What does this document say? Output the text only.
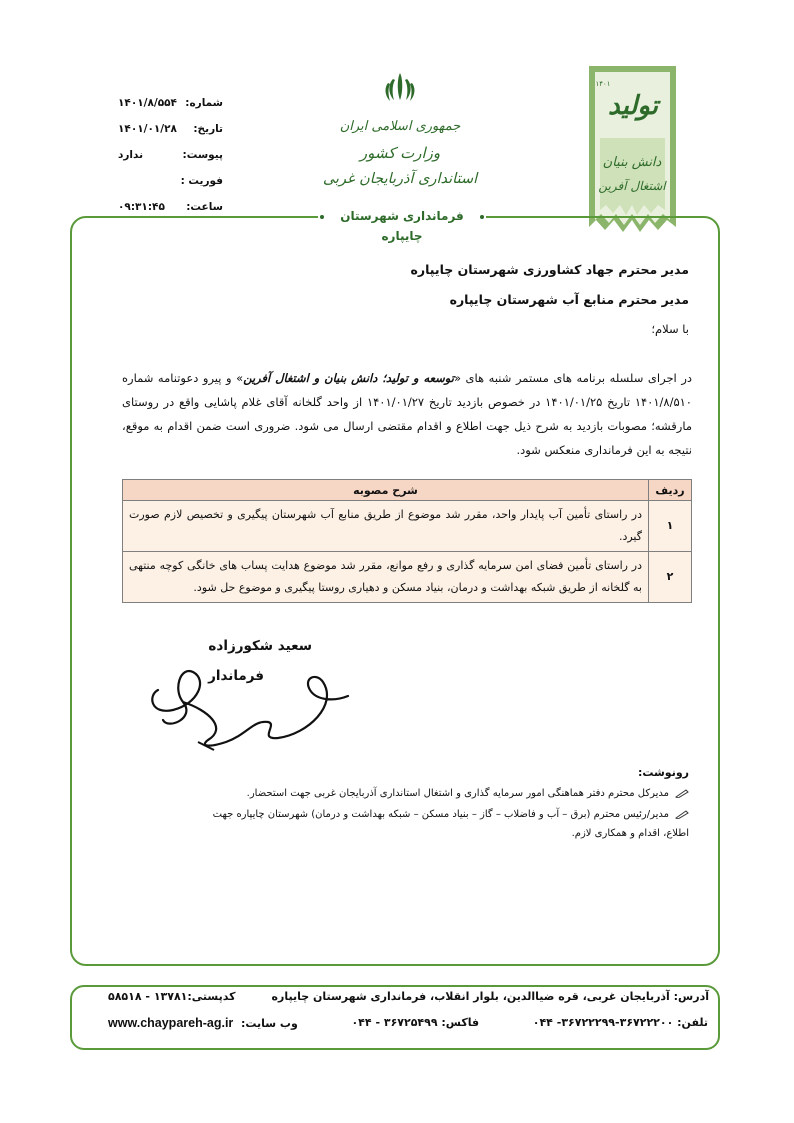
شماره:
۱۴۰۱/۸/۵۵۴
تاریخ:
۱۴۰۱/۰۱/۲۸
پیوست:
ندارد
فوریت :
ساعت:
۰۹:۳۱:۴۵
جمهوری اسلامی ایران
وزارت کشور
استانداری آذربایجان غربی
تولید
۱۴۰۱
دانش بنیان
اشتغال آفرین
فرمانداری شهرستان چایپاره
مدیر محترم جهاد کشاورزی شهرستان چایپاره
مدیر محترم منابع آب شهرستان چایپاره
با سلام؛
در اجرای سلسله برنامه های مستمر شنبه های «توسعه و تولید؛ دانش بنیان و اشتغال آفرین» و پیرو دعوتنامه شماره ۱۴۰۱/۸/۵۱۰ تاریخ ۱۴۰۱/۰۱/۲۵ در خصوص بازدید تاریخ ۱۴۰۱/۰۱/۲۷ از واحد گلخانه آقای غلام پاشایی واقع در روستای مارقشه؛ مصوبات بازدید به شرح ذیل جهت اطلاع و اقدام مقتضی ارسال می شود. ضروری است ضمن اقدام به موقع، نتیجه به این فرمانداری منعکس شود.
ردیف	شرح مصوبه
۱	در راستای تأمین آب پایدار واحد، مقرر شد موضوع از طریق منابع آب شهرستان پیگیری و تخصیص لازم صورت گیرد.
۲	در راستای تأمین فضای امن سرمایه گذاری و رفع موانع، مقرر شد موضوع هدایت پساب های خانگی کوچه منتهی به گلخانه از طریق شبکه بهداشت و درمان، بنیاد مسکن و دهیاری روستا پیگیری و موضوع حل شود.
سعید شکورزاده
فرماندار
رونوشت:
مدیرکل محترم دفتر هماهنگی امور سرمایه گذاری و اشتغال استانداری آذربایجان غربی جهت استحضار.
مدیر/رئیس محترم (برق – آب و فاضلاب – گاز – بنیاد مسکن – شبکه بهداشت و درمان) شهرستان چایپاره جهت اطلاع، اقدام و همکاری لازم.
آدرس: آذربایجان غربی، قره ضیاالدین، بلوار انقلاب، فرمانداری شهرستان چایپاره
کدپستی:۱۳۷۸۱ - ۵۸۵۱۸
تلفن: ۳۶۷۲۲۲۰۰-۳۶۷۲۲۲۹۹- ۰۴۴
فاکس: ۳۶۷۲۵۴۹۹ - ۰۴۴
وب سایت:  www.chaypareh-ag.ir
